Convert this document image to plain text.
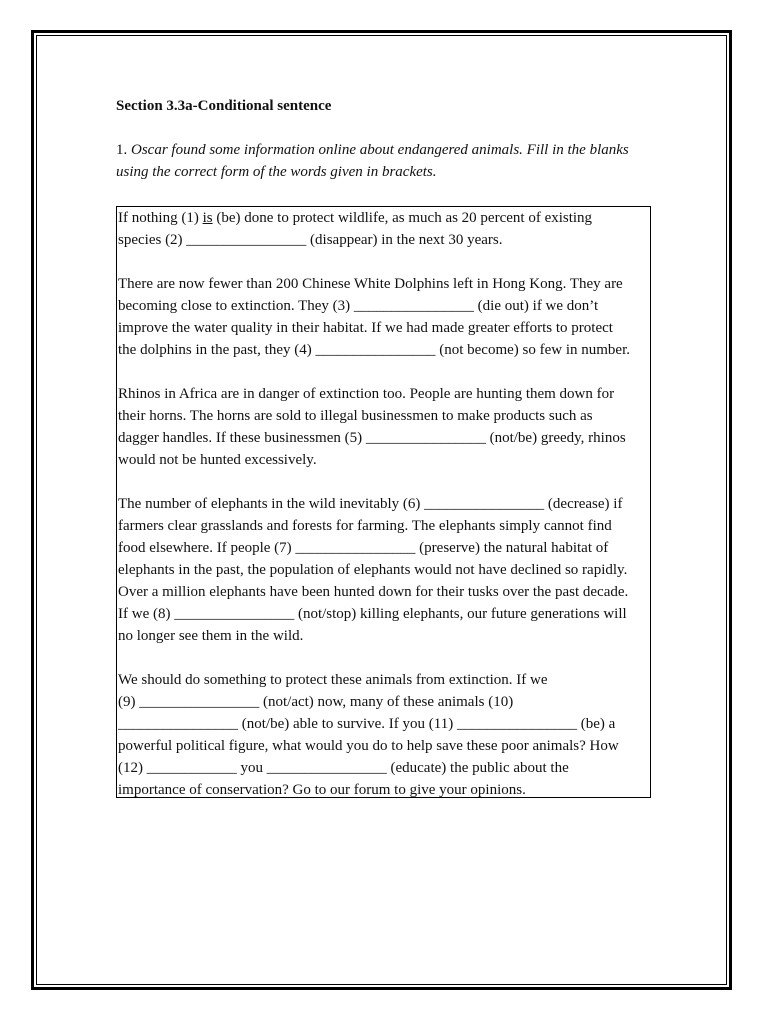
Section 3.3a-Conditional sentence

1. Oscar found some information online about endangered animals. Fill in the blanks
using the correct form of the words given in brackets.

If nothing (1) is (be) done to protect wildlife, as much as 20 percent of existing
species (2) ________________ (disappear) in the next 30 years.

There are now fewer than 200 Chinese White Dolphins left in Hong Kong. They are
becoming close to extinction. They (3) ________________ (die out) if we don’t
improve the water quality in their habitat. If we had made greater efforts to protect
the dolphins in the past, they (4) ________________ (not become) so few in number.

Rhinos in Africa are in danger of extinction too. People are hunting them down for
their horns. The horns are sold to illegal businessmen to make products such as
dagger handles. If these businessmen (5) ________________ (not/be) greedy, rhinos
would not be hunted excessively.

The number of elephants in the wild inevitably (6) ________________ (decrease) if
farmers clear grasslands and forests for farming. The elephants simply cannot find
food elsewhere. If people (7) ________________ (preserve) the natural habitat of
elephants in the past, the population of elephants would not have declined so rapidly.
Over a million elephants have been hunted down for their tusks over the past decade.
If we (8) ________________ (not/stop) killing elephants, our future generations will
no longer see them in the wild.

We should do something to protect these animals from extinction. If we
(9) ________________ (not/act) now, many of these animals (10)
________________ (not/be) able to survive. If you (11) ________________ (be) a
powerful political figure, what would you do to help save these poor animals? How
(12) ____________ you ________________ (educate) the public about the
importance of conservation? Go to our forum to give your opinions.
